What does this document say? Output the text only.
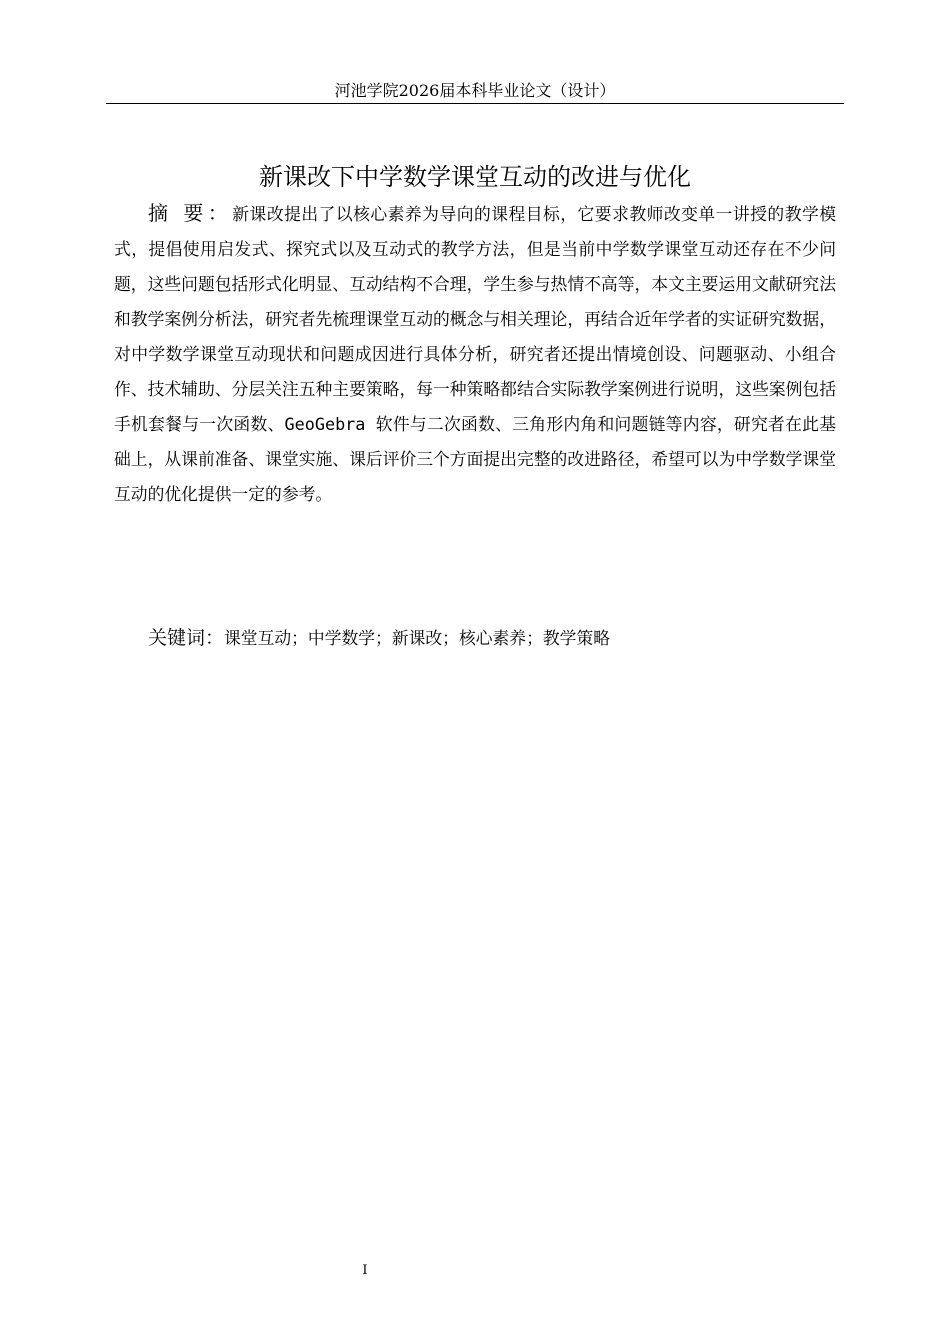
河池学院2026届本科毕业论文（设计）
新课改下中学数学课堂互动的改进与优化

摘 要：新课改提出了以核心素养为导向的课程目标，它要求教师改变单一讲授的教学模式，提倡使用启发式、探究式以及互动式的教学方法，但是当前中学数学课堂互动还存在不少问题，这些问题包括形式化明显、互动结构不合理，学生参与热情不高等，本文主要运用文献研究法和教学案例分析法，研究者先梳理课堂互动的概念与相关理论，再结合近年学者的实证研究数据，对中学数学课堂互动现状和问题成因进行具体分析，研究者还提出情境创设、问题驱动、小组合作、技术辅助、分层关注五种主要策略，每一种策略都结合实际教学案例进行说明，这些案例包括手机套餐与一次函数、GeoGebra 软件与二次函数、三角形内角和问题链等内容，研究者在此基础上，从课前准备、课堂实施、课后评价三个方面提出完整的改进路径，希望可以为中学数学课堂互动的优化提供一定的参考。

关键词：课堂互动；中学数学；新课改；核心素养；教学策略

I
